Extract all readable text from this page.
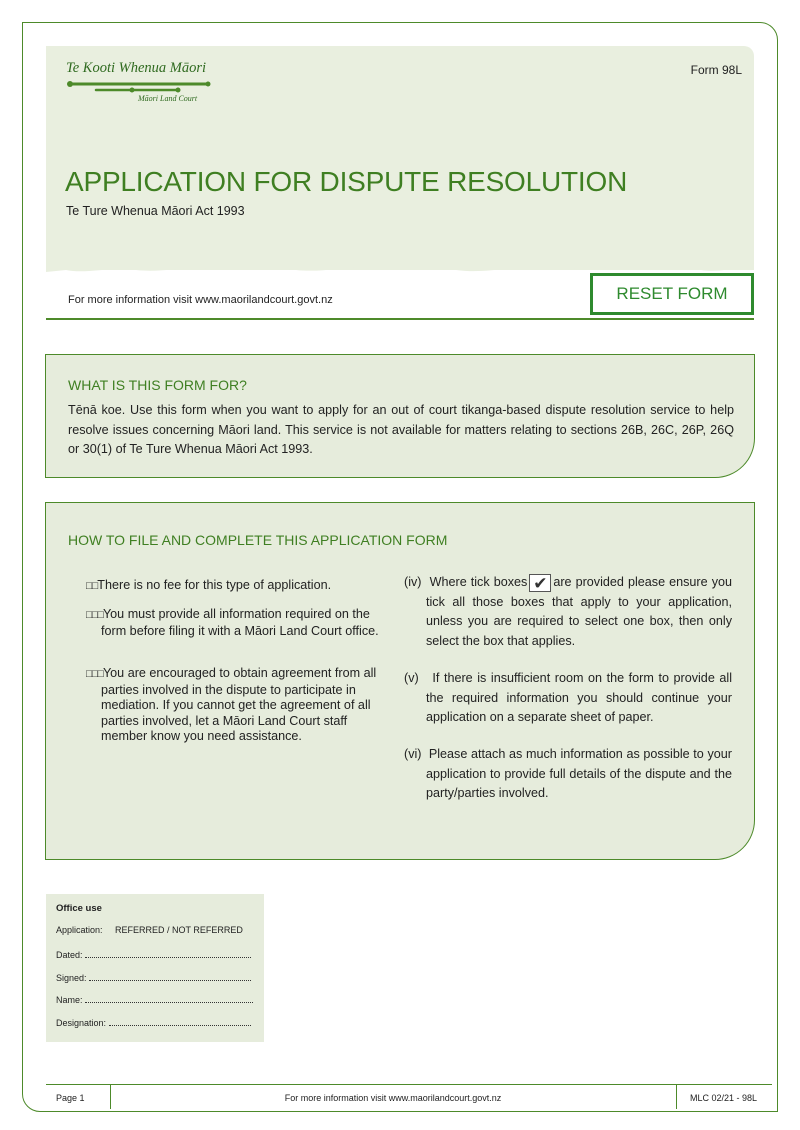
Te Kooti Whenua Māori
Māori Land Court
Form 98L
APPLICATION FOR DISPUTE RESOLUTION
Te Ture Whenua Māori Act 1993
For more information visit www.maorilandcourt.govt.nz	RESET FORM
WHAT IS THIS FORM FOR?
Tēnā koe. Use this form when you want to apply for an out of court tikanga-based dispute resolution service to help resolve issues concerning Māori land. This service is not available for matters relating to sections 26B, 26C, 26P, 26Q or 30(1) of Te Ture Whenua Māori Act 1993.
HOW TO FILE AND COMPLETE THIS APPLICATION FORM
□□There is no fee for this type of application.
□□□You must provide all information required on the form before filing it with a Māori Land Court office.
□□□You are encouraged to obtain agreement from all parties involved in the dispute to participate in mediation. If you cannot get the agreement of all parties involved, let a Māori Land Court staff member know you need assistance.
(iv) Where tick boxes ✔ are provided please ensure you tick all those boxes that apply to your application, unless you are required to select one box, then only select the box that applies.
(v) If there is insufficient room on the form to provide all the required information you should continue your application on a separate sheet of paper.
(vi) Please attach as much information as possible to your application to provide full details of the dispute and the party/parties involved.
Office use
Application: REFERRED / NOT REFERRED
Dated:
Signed:
Name:
Designation:
Page 1	For more information visit www.maorilandcourt.govt.nz	MLC 02/21 - 98L
